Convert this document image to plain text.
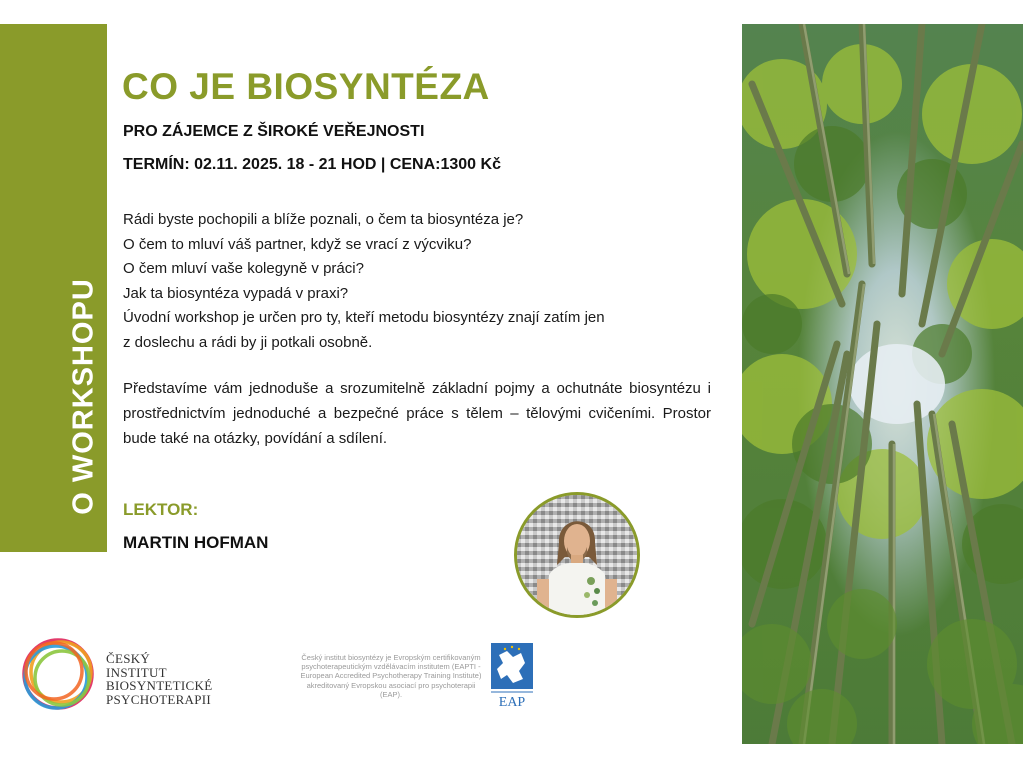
O WORKSHOPU
CO JE BIOSYNTÉZA

PRO ZÁJEMCE Z ŠIROKÉ VEŘEJNOSTI

TERMÍN: 02.11. 2025. 18 - 21 HOD | CENA:1300 Kč

Rádi byste pochopili a blíže poznali, o čem ta biosyntéza je?
O čem to mluví váš partner, když se vrací z výcviku?
O čem mluví vaše kolegyně v práci?
Jak ta biosyntéza vypadá v praxi?
Úvodní workshop je určen pro ty, kteří metodu biosyntézy znají zatím jen
z doslechu a rádi by ji potkali osobně.

Představíme vám jednoduše a srozumitelně základní pojmy a ochutnáte biosyntézu i prostřednictvím jednoduché a bezpečné práce s tělem – tělovými cvičeními. Prostor bude také na otázky, povídání a sdílení.

LEKTOR:

MARTIN HOFMAN

ČESKÝ
INSTITUT
BIOSYNTETICKÉ
PSYCHOTERAPII
Český institut biosyntézy je Evropským certifikovaným psychoterapeutickým vzdělávacím institutem (EAPTI - European Accredited Psychotherapy Training Institute) akreditovaný Evropskou asociací pro psychoterapii (EAP).
EAP
